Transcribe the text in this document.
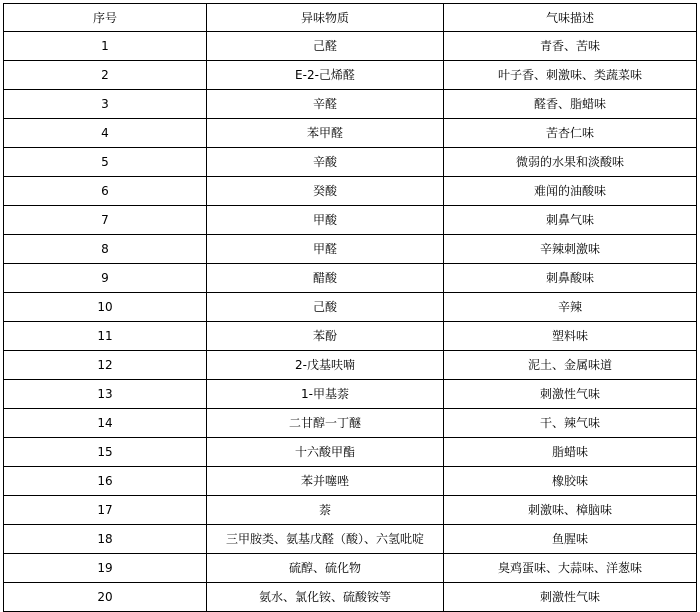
序号	异味物质	气味描述
1	己醛	青香、苦味
2	E-2-己烯醛	叶子香、刺激味、类蔬菜味
3	辛醛	醛香、脂蜡味
4	苯甲醛	苦杏仁味
5	辛酸	微弱的水果和淡酸味
6	癸酸	难闻的油酸味
7	甲酸	刺鼻气味
8	甲醛	辛辣刺激味
9	醋酸	刺鼻酸味
10	己酸	辛辣
11	苯酚	塑料味
12	2-戊基呋喃	泥土、金属味道
13	1-甲基萘	刺激性气味
14	二甘醇一丁醚	干、辣气味
15	十六酸甲酯	脂蜡味
16	苯并噻唑	橡胶味
17	萘	刺激味、樟脑味
18	三甲胺类、氨基戊醛（酸）、六氢吡啶	鱼腥味
19	硫醇、硫化物	臭鸡蛋味、大蒜味、洋葱味
20	氨水、氯化铵、硫酸铵等	刺激性气味
